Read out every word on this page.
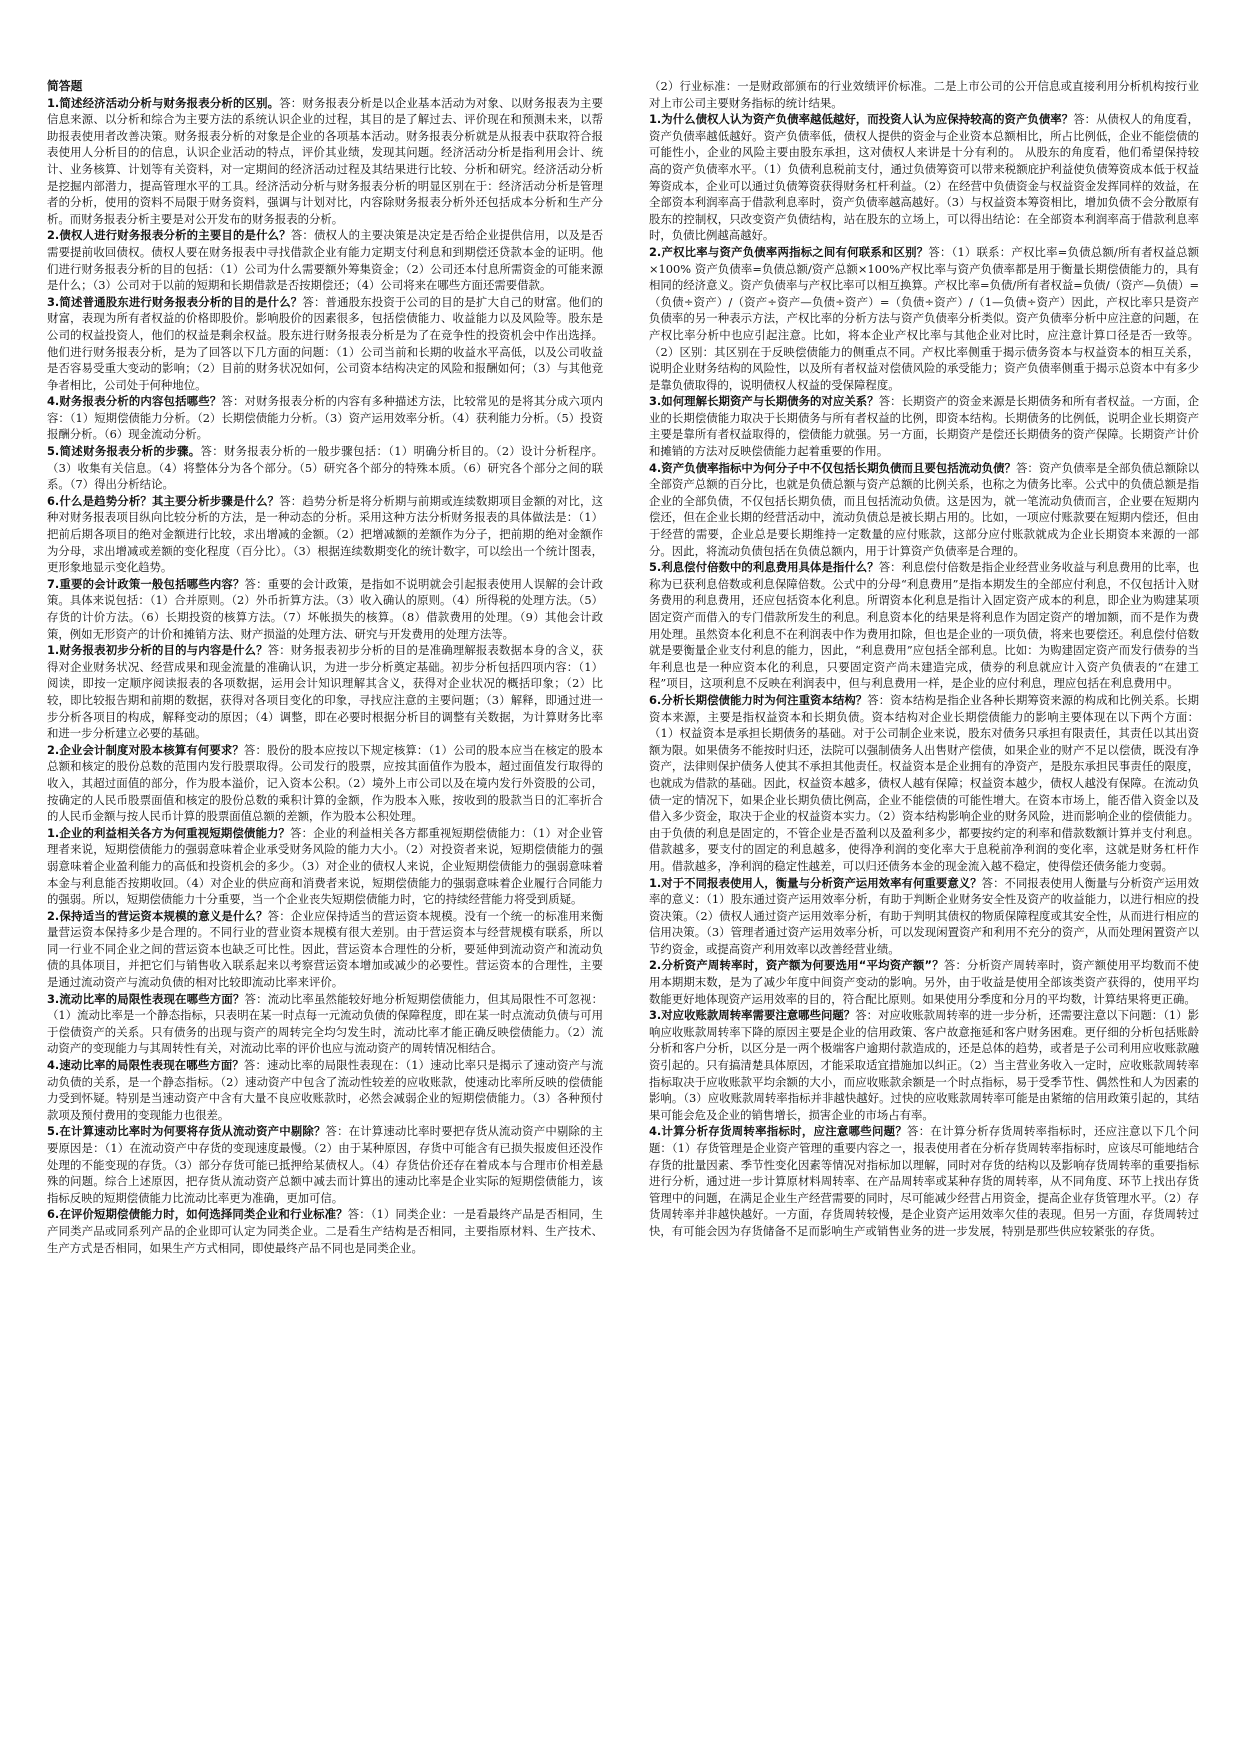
简答题

1.简述经济活动分析与财务报表分析的区别。答：财务报表分析是以企业基本活动为对象、以财务报表为主要信息来源、以分析和综合为主要方法的系统认识企业的过程，其目的是了解过去、评价现在和预测未来，以帮助报表使用者改善决策。财务报表分析的对象是企业的各项基本活动。财务报表分析就是从报表中获取符合报表使用人分析目的的信息，认识企业活动的特点，评价其业绩，发现其问题。经济活动分析是指利用会计、统计、业务核算、计划等有关资料，对一定期间的经济活动过程及其结果进行比较、分析和研究。经济活动分析是挖掘内部潜力，提高管理水平的工具。经济活动分析与财务报表分析的明显区别在于：经济活动分析是管理者的分析，使用的资料不局限于财务资料，强调与计划对比，内容除财务报表分析外还包括成本分析和生产分析。而财务报表分析主要是对公开发布的财务报表的分析。

2.债权人进行财务报表分析的主要目的是什么？答：债权人的主要决策是决定是否给企业提供信用，以及是否需要提前收回债权。债权人要在财务报表中寻找借款企业有能力定期支付利息和到期偿还贷款本金的证明。他们进行财务报表分析的目的包括：（1）公司为什么需要额外筹集资金；（2）公司还本付息所需资金的可能来源是什么；（3）公司对于以前的短期和长期借款是否按期偿还；（4）公司将来在哪些方面还需要借款。

3.简述普通股东进行财务报表分析的目的是什么？答：普通股东投资于公司的目的是扩大自己的财富。他们的财富，表现为所有者权益的价格即股价。影响股价的因素很多，包括偿债能力、收益能力以及风险等。股东是公司的权益投资人，他们的权益是剩余权益。股东进行财务报表分析是为了在竞争性的投资机会中作出选择。他们进行财务报表分析，是为了回答以下几方面的问题：（1）公司当前和长期的收益水平高低，以及公司收益是否容易受重大变动的影响；（2）目前的财务状况如何，公司资本结构决定的风险和报酬如何；（3）与其他竞争者相比，公司处于何种地位。

4.财务报表分析的内容包括哪些？答：对财务报表分析的内容有多种描述方法，比较常见的是将其分成六项内容：（1）短期偿债能力分析。（2）长期偿债能力分析。（3）资产运用效率分析。（4）获利能力分析。（5）投资报酬分析。（6）现金流动分析。

5.简述财务报表分析的步骤。答：财务报表分析的一般步骤包括：（1）明确分析目的。（2）设计分析程序。（3）收集有关信息。（4）将整体分为各个部分。（5）研究各个部分的特殊本质。（6）研究各个部分之间的联系。（7）得出分析结论。

6.什么是趋势分析？其主要分析步骤是什么？答：趋势分析是将分析期与前期或连续数期项目金额的对比，这种对财务报表项目纵向比较分析的方法，是一种动态的分析。采用这种方法分析财务报表的具体做法是：（1）把前后期各项目的绝对金额进行比较，求出增减的金额。（2）把增减额的差额作为分子，把前期的绝对金额作为分母，求出增减或差额的变化程度（百分比）。（3）根据连续数期变化的统计数字，可以绘出一个统计图表，更形象地显示变化趋势。

7.重要的会计政策一般包括哪些内容？答：重要的会计政策，是指如不说明就会引起报表使用人误解的会计政策。具体来说包括：（1）合并原则。（2）外币折算方法。（3）收入确认的原则。（4）所得税的处理方法。（5）存货的计价方法。（6）长期投资的核算方法。（7）坏帐损失的核算。（8）借款费用的处理。（9）其他会计政策，例如无形资产的计价和摊销方法、财产损溢的处理方法、研究与开发费用的处理方法等。

1.财务报表初步分析的目的与内容是什么？答：财务报表初步分析的目的是准确理解报表数据本身的含义，获得对企业财务状况、经营成果和现金流量的准确认识，为进一步分析奠定基础。初步分析包括四项内容：（1）阅读，即按一定顺序阅读报表的各项数据，运用会计知识理解其含义，获得对企业状况的概括印象；（2）比较，即比较报告期和前期的数据，获得对各项目变化的印象，寻找应注意的主要问题；（3）解释，即通过进一步分析各项目的构成，解释变动的原因；（4）调整，即在必要时根据分析目的调整有关数据，为计算财务比率和进一步分析建立必要的基础。

2.企业会计制度对股本核算有何要求？答：股份的股本应按以下规定核算：（1）公司的股本应当在核定的股本总额和核定的股份总数的范围内发行股票取得。公司发行的股票，应按其面值作为股本，超过面值发行取得的收入，其超过面值的部分，作为股本溢价，记入资本公积。（2）境外上市公司以及在境内发行外资股的公司，按确定的人民币股票面值和核定的股份总数的乘积计算的金额，作为股本入账，按收到的股款当日的汇率折合的人民币金额与按人民币计算的股票面值总额的差额，作为股本公积处理。

1.企业的利益相关各方为何重视短期偿债能力？答：企业的利益相关各方都重视短期偿债能力：（1）对企业管理者来说，短期偿债能力的强弱意味着企业承受财务风险的能力大小。（2）对投资者来说，短期偿债能力的强弱意味着企业盈利能力的高低和投资机会的多少。（3）对企业的债权人来说，企业短期偿债能力的强弱意味着本金与利息能否按期收回。（4）对企业的供应商和消费者来说，短期偿债能力的强弱意味着企业履行合同能力的强弱。所以，短期偿债能力十分重要，当一个企业丧失短期偿债能力时，它的持续经营能力将受到质疑。

2.保持适当的营运资本规模的意义是什么？答：企业应保持适当的营运资本规模。没有一个统一的标准用来衡量营运资本保持多少是合理的。不同行业的营业资本规模有很大差别。由于营运资本与经营规模有联系，所以同一行业不同企业之间的营运资本也缺乏可比性。因此，营运资本合理性的分析，要延伸到流动资产和流动负债的具体项目，并把它们与销售收入联系起来以考察营运资本增加或减少的必要性。营运资本的合理性，主要是通过流动资产与流动负债的相对比较即流动比率来评价。

3.流动比率的局限性表现在哪些方面？答：流动比率虽然能较好地分析短期偿债能力，但其局限性不可忽视：（1）流动比率是一个静态指标，只表明在某一时点每一元流动负债的保障程度，即在某一时点流动负债与可用于偿债资产的关系。只有债务的出现与资产的周转完全均匀发生时，流动比率才能正确反映偿债能力。（2）流动资产的变现能力与其周转性有关，对流动比率的评价也应与流动资产的周转情况相结合。

4.速动比率的局限性表现在哪些方面？答：速动比率的局限性表现在：（1）速动比率只是揭示了速动资产与流动负债的关系，是一个静态指标。（2）速动资产中包含了流动性较差的应收账款，使速动比率所反映的偿债能力受到怀疑。特别是当速动资产中含有大量不良应收账款时，必然会减弱企业的短期偿债能力。（3）各种预付款项及预付费用的变现能力也很差。

5.在计算速动比率时为何要将存货从流动资产中剔除？答：在计算速动比率时要把存货从流动资产中剔除的主要原因是：（1）在流动资产中存货的变现速度最慢。（2）由于某种原因，存货中可能含有已损失报废但还没作处理的不能变现的存货。（3）部分存货可能已抵押给某债权人。（4）存货估价还存在着成本与合理市价相差悬殊的问题。综合上述原因，把存货从流动资产总额中减去而计算出的速动比率是企业实际的短期偿债能力，该指标反映的短期偿债能力比流动比率更为准确，更加可信。

6.在评价短期偿债能力时，如何选择同类企业和行业标准？答：（1）同类企业：一是看最终产品是否相同，生产同类产品或同系列产品的企业即可认定为同类企业。二是看生产结构是否相同，主要指原材料、生产技术、生产方式是否相同，如果生产方式相同，即使最终产品不同也是同类企业。

（2）行业标准：一是财政部颁布的行业效绩评价标准。二是上市公司的公开信息或直接利用分析机构按行业对上市公司主要财务指标的统计结果。

1.为什么债权人认为资产负债率越低越好，而投资人认为应保持较高的资产负债率？答：从债权人的角度看，资产负债率越低越好。资产负债率低，债权人提供的资金与企业资本总额相比，所占比例低，企业不能偿债的可能性小，企业的风险主要由股东承担，这对债权人来讲是十分有利的。 从股东的角度看，他们希望保持较高的资产负债率水平。（1）负债利息税前支付，通过负债筹资可以带来税额庇护利益使负债筹资成本低于权益筹资成本，企业可以通过负债筹资获得财务杠杆利益。（2）在经营中负债资金与权益资金发挥同样的效益，在全部资本利润率高于借款利息率时，资产负债率越高越好。（3）与权益资本筹资相比，增加负债不会分散原有股东的控制权，只改变资产负债结构，站在股东的立场上，可以得出结论：在全部资本利润率高于借款利息率时，负债比例越高越好。

2.产权比率与资产负债率两指标之间有何联系和区别？答：（1）联系：产权比率=负债总额/所有者权益总额×100% 资产负债率=负债总额/资产总额×100%产权比率与资产负债率都是用于衡量长期偿债能力的，具有相同的经济意义。资产负债率与产权比率可以相互换算。产权比率=负债/所有者权益=负债/（资产—负债）=（负债÷资产）/（资产÷资产—负债÷资产）=（负债÷资产）/（1—负债÷资产）因此，产权比率只是资产负债率的另一种表示方法，产权比率的分析方法与资产负债率分析类似。资产负债率分析中应注意的问题，在产权比率分析中也应引起注意。比如，将本企业产权比率与其他企业对比时，应注意计算口径是否一致等。（2）区别：其区别在于反映偿债能力的侧重点不同。产权比率侧重于揭示债务资本与权益资本的相互关系，说明企业财务结构的风险性，以及所有者权益对偿债风险的承受能力；资产负债率侧重于揭示总资本中有多少是靠负债取得的，说明债权人权益的受保障程度。

3.如何理解长期资产与长期债务的对应关系？答：长期资产的资金来源是长期债务和所有者权益。一方面，企业的长期偿债能力取决于长期债务与所有者权益的比例，即资本结构。长期债务的比例低，说明企业长期资产主要是靠所有者权益取得的，偿债能力就强。另一方面，长期资产是偿还长期债务的资产保障。长期资产计价和摊销的方法对反映偿债能力起着重要的作用。

4.资产负债率指标中为何分子中不仅包括长期负债而且要包括流动负债？答：资产负债率是全部负债总额除以全部资产总额的百分比，也就是负债总额与资产总额的比例关系，也称之为债务比率。公式中的负债总额是指企业的全部负债，不仅包括长期负债，而且包括流动负债。这是因为，就一笔流动负债而言，企业要在短期内偿还，但在企业长期的经营活动中，流动负债总是被长期占用的。比如，一项应付账款要在短期内偿还，但由于经营的需要，企业总是要长期维持一定数量的应付账款，这部分应付账款就成为企业长期资本来源的一部分。因此，将流动负债包括在负债总额内，用于计算资产负债率是合理的。

5.利息偿付倍数中的利息费用具体是指什么？答：利息偿付倍数是指企业经营业务收益与利息费用的比率，也称为已获利息倍数或利息保障倍数。公式中的分母“利息费用”是指本期发生的全部应付利息，不仅包括计入财务费用的利息费用，还应包括资本化利息。所谓资本化利息是指计入固定资产成本的利息，即企业为购建某项固定资产而借入的专门借款所发生的利息。利息资本化的结果是将利息作为固定资产的增加额，而不是作为费用处理。虽然资本化利息不在利润表中作为费用扣除，但也是企业的一项负债，将来也要偿还。利息偿付倍数就是要衡量企业支付利息的能力，因此，“利息费用”应包括全部利息。比如：为购建固定资产而发行债券的当年利息也是一种应资本化的利息，只要固定资产尚未建造完成，债券的利息就应计入资产负债表的“在建工程”项目，这项利息不反映在利润表中，但与利息费用一样，是企业的应付利息，理应包括在利息费用中。

6.分析长期偿债能力时为何注重资本结构？答：资本结构是指企业各种长期筹资来源的构成和比例关系。长期资本来源，主要是指权益资本和长期负债。资本结构对企业长期偿债能力的影响主要体现在以下两个方面：（1）权益资本是承担长期债务的基础。对于公司制企业来说，股东对债务只承担有限责任，其责任以其出资额为限。如果债务不能按时归还，法院可以强制债务人出售财产偿债，如果企业的财产不足以偿债，既没有净资产，法律则保护债务人使其不承担其他责任。权益资本是企业拥有的净资产，是股东承担民事责任的限度，也就成为借款的基础。因此，权益资本越多，债权人越有保障；权益资本越少，债权人越没有保障。在流动负债一定的情况下，如果企业长期负债比例高，企业不能偿债的可能性增大。在资本市场上，能否借入资金以及借入多少资金，取决于企业的权益资本实力。（2）资本结构影响企业的财务风险，进而影响企业的偿债能力。由于负债的利息是固定的，不管企业是否盈利以及盈利多少，都要按约定的利率和借款数额计算并支付利息。借款越多，要支付的固定的利息越多，使得净利润的变化率大于息税前净利润的变化率，这就是财务杠杆作用。借款越多，净利润的稳定性越差，可以归还债务本金的现金流入越不稳定，使得偿还债务能力变弱。

1.对于不同报表使用人，衡量与分析资产运用效率有何重要意义？答：不同报表使用人衡量与分析资产运用效率的意义：（1）股东通过资产运用效率分析，有助于判断企业财务安全性及资产的收益能力，以进行相应的投资决策。（2）债权人通过资产运用效率分析，有助于判明其债权的物质保障程度或其安全性，从而进行相应的信用决策。（3）管理者通过资产运用效率分析，可以发现闲置资产和利用不充分的资产，从而处理闲置资产以节约资金，或提高资产利用效率以改善经营业绩。

2.分析资产周转率时，资产额为何要选用“平均资产额”？答：分析资产周转率时，资产额使用平均数而不使用本期期末数，是为了减少年度中间资产变动的影响。另外，由于收益是使用全部该类资产获得的，使用平均数能更好地体现资产运用效率的目的，符合配比原则。如果使用分季度和分月的平均数，计算结果将更正确。

3.对应收账款周转率需要注意哪些问题？答：对应收账款周转率的进一步分析，还需要注意以下问题：（1）影响应收账款周转率下降的原因主要是企业的信用政策、客户故意拖延和客户财务困难。更仔细的分析包括账龄分析和客户分析，以区分是一两个极端客户逾期付款造成的，还是总体的趋势，或者是子公司利用应收账款融资引起的。只有搞清楚具体原因，才能采取适宜措施加以纠正。（2）当主营业务收入一定时，应收账款周转率指标取决于应收账款平均余额的大小，而应收账款余额是一个时点指标，易于受季节性、偶然性和人为因素的影响。（3）应收账款周转率指标并非越快越好。过快的应收账款周转率可能是由紧缩的信用政策引起的，其结果可能会危及企业的销售增长，损害企业的市场占有率。

4.计算分析存货周转率指标时，应注意哪些问题？答：在计算分析存货周转率指标时，还应注意以下几个问题：（1）存货管理是企业资产管理的重要内容之一，报表使用者在分析存货周转率指标时，应该尽可能地结合存货的批量因素、季节性变化因素等情况对指标加以理解，同时对存货的结构以及影响存货周转率的重要指标进行分析，通过进一步计算原材料周转率、在产品周转率或某种存货的周转率，从不同角度、环节上找出存货管理中的问题，在满足企业生产经营需要的同时，尽可能减少经营占用资金，提高企业存货管理水平。（2）存货周转率并非越快越好。一方面，存货周转较慢，是企业资产运用效率欠佳的表现。但另一方面，存货周转过快，有可能会因为存货储备不足而影响生产或销售业务的进一步发展，特别是那些供应较紧张的存货。
